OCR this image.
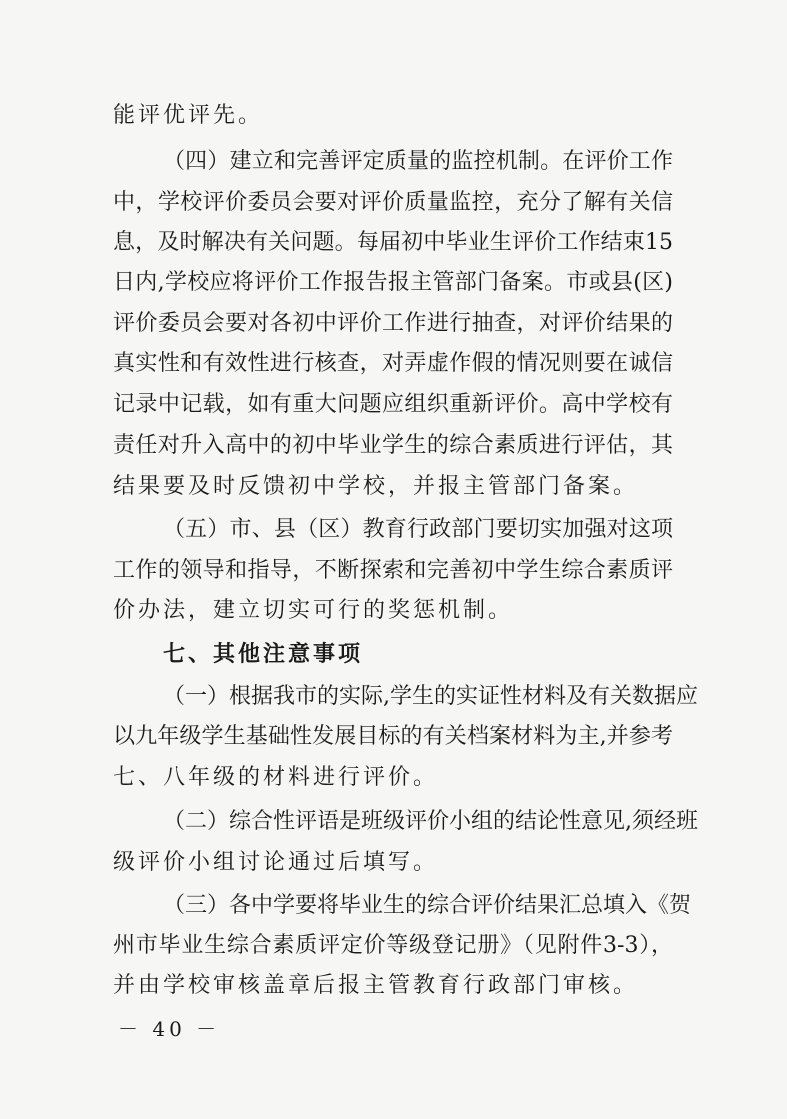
能评优评先。
（四）建立和完善评定质量的监控机制。在评价工作
中，学校评价委员会要对评价质量监控，充分了解有关信
息，及时解决有关问题。每届初中毕业生评价工作结束15
日内,学校应将评价工作报告报主管部门备案。市或县(区)
评价委员会要对各初中评价工作进行抽查，对评价结果的
真实性和有效性进行核查，对弄虚作假的情况则要在诚信
记录中记载，如有重大问题应组织重新评价。高中学校有
责任对升入高中的初中毕业学生的综合素质进行评估，其
结果要及时反馈初中学校，并报主管部门备案。
（五）市、县（区）教育行政部门要切实加强对这项
工作的领导和指导，不断探索和完善初中学生综合素质评
价办法，建立切实可行的奖惩机制。
七、其他注意事项
（一）根据我市的实际,学生的实证性材料及有关数据应
以九年级学生基础性发展目标的有关档案材料为主,并参考
七、八年级的材料进行评价。
（二）综合性评语是班级评价小组的结论性意见,须经班
级评价小组讨论通过后填写。
（三）各中学要将毕业生的综合评价结果汇总填入《贺
州市毕业生综合素质评定价等级登记册》（见附件3-3），
并由学校审核盖章后报主管教育行政部门审核。
－ 40 －
